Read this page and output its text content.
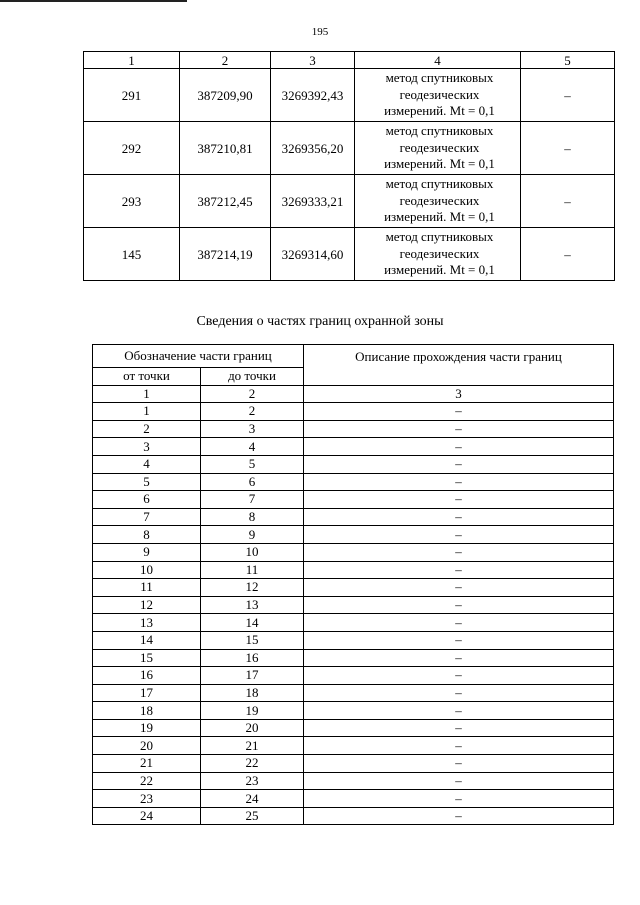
195
1	2	3	4	5
291	387209,90	3269392,43	метод спутниковых
геодезических
измерений. Mt = 0,1	–
292	387210,81	3269356,20	метод спутниковых
геодезических
измерений. Mt = 0,1	–
293	387212,45	3269333,21	метод спутниковых
геодезических
измерений. Mt = 0,1	–
145	387214,19	3269314,60	метод спутниковых
геодезических
измерений. Mt = 0,1	–
Сведения о частях границ охранной зоны
Обозначение части границ		Описание прохождения части границ
от точки	до точки	
1	2	3
1	2	–
2	3	–
3	4	–
4	5	–
5	6	–
6	7	–
7	8	–
8	9	–
9	10	–
10	11	–
11	12	–
12	13	–
13	14	–
14	15	–
15	16	–
16	17	–
17	18	–
18	19	–
19	20	–
20	21	–
21	22	–
22	23	–
23	24	–
24	25	–
